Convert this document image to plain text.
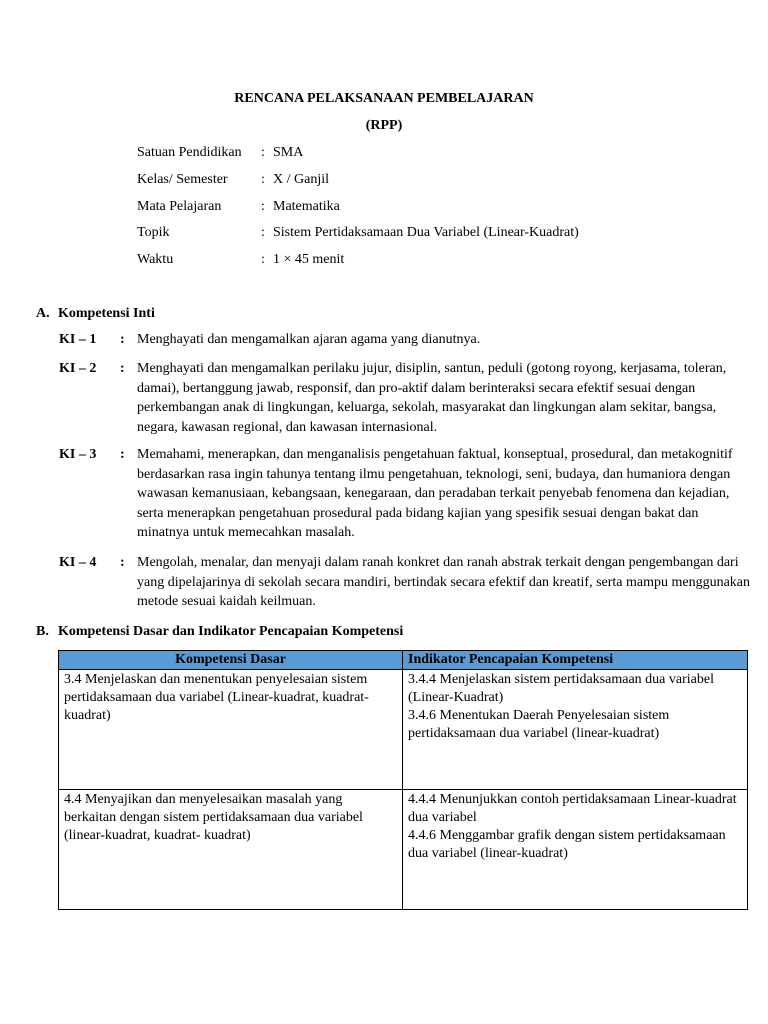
RENCANA PELAKSANAAN PEMBELAJARAN
(RPP)
Satuan Pendidikan : SMA
Kelas/ Semester : X / Ganjil
Mata Pelajaran	: Matematika
Topik	: Sistem Pertidaksamaan Dua Variabel (Linear-Kuadrat)
Waktu	: 1 × 45 menit
A. Kompetensi Inti
KI – 1 : Menghayati dan mengamalkan ajaran agama yang dianutnya.
KI – 2 : Menghayati dan mengamalkan perilaku jujur, disiplin, santun, peduli (gotong royong, kerjasama, toleran, damai), bertanggung jawab, responsif, dan pro-aktif dalam berinteraksi secara efektif sesuai dengan perkembangan anak di lingkungan, keluarga, sekolah, masyarakat dan lingkungan alam sekitar, bangsa, negara, kawasan regional, dan kawasan internasional.
KI – 3 : Memahami, menerapkan, dan menganalisis pengetahuan faktual, konseptual, prosedural, dan metakognitif berdasarkan rasa ingin tahunya tentang ilmu pengetahuan, teknologi, seni, budaya, dan humaniora dengan wawasan kemanusiaan, kebangsaan, kenegaraan, dan peradaban terkait penyebab fenomena dan kejadian, serta menerapkan pengetahuan prosedural pada bidang kajian yang spesifik sesuai dengan bakat dan minatnya untuk memecahkan masalah.
KI – 4 : Mengolah, menalar, dan menyaji dalam ranah konkret dan ranah abstrak terkait dengan pengembangan dari yang dipelajarinya di sekolah secara mandiri, bertindak secara efektif dan kreatif, serta mampu menggunakan metode sesuai kaidah keilmuan.
B. Kompetensi Dasar dan Indikator Pencapaian Kompetensi
Kompetensi Dasar	Indikator Pencapaian Kompetensi
3.4 Menjelaskan dan menentukan penyelesaian sistem pertidaksamaan dua variabel (Linear-kuadrat, kuadrat-kuadrat)	3.4.4 Menjelaskan sistem pertidaksamaan dua variabel (Linear-Kuadrat)
3.4.6 Menentukan Daerah Penyelesaian sistem pertidaksamaan dua variabel (linear-kuadrat)

4.4 Menyajikan dan menyelesaikan masalah yang berkaitan dengan sistem pertidaksamaan dua variabel (linear-kuadrat, kuadrat- kuadrat)	4.4.4 Menunjukkan contoh pertidaksamaan Linear-kuadrat dua variabel
4.4.6 Menggambar grafik dengan sistem pertidaksamaan dua variabel (linear-kuadrat)
